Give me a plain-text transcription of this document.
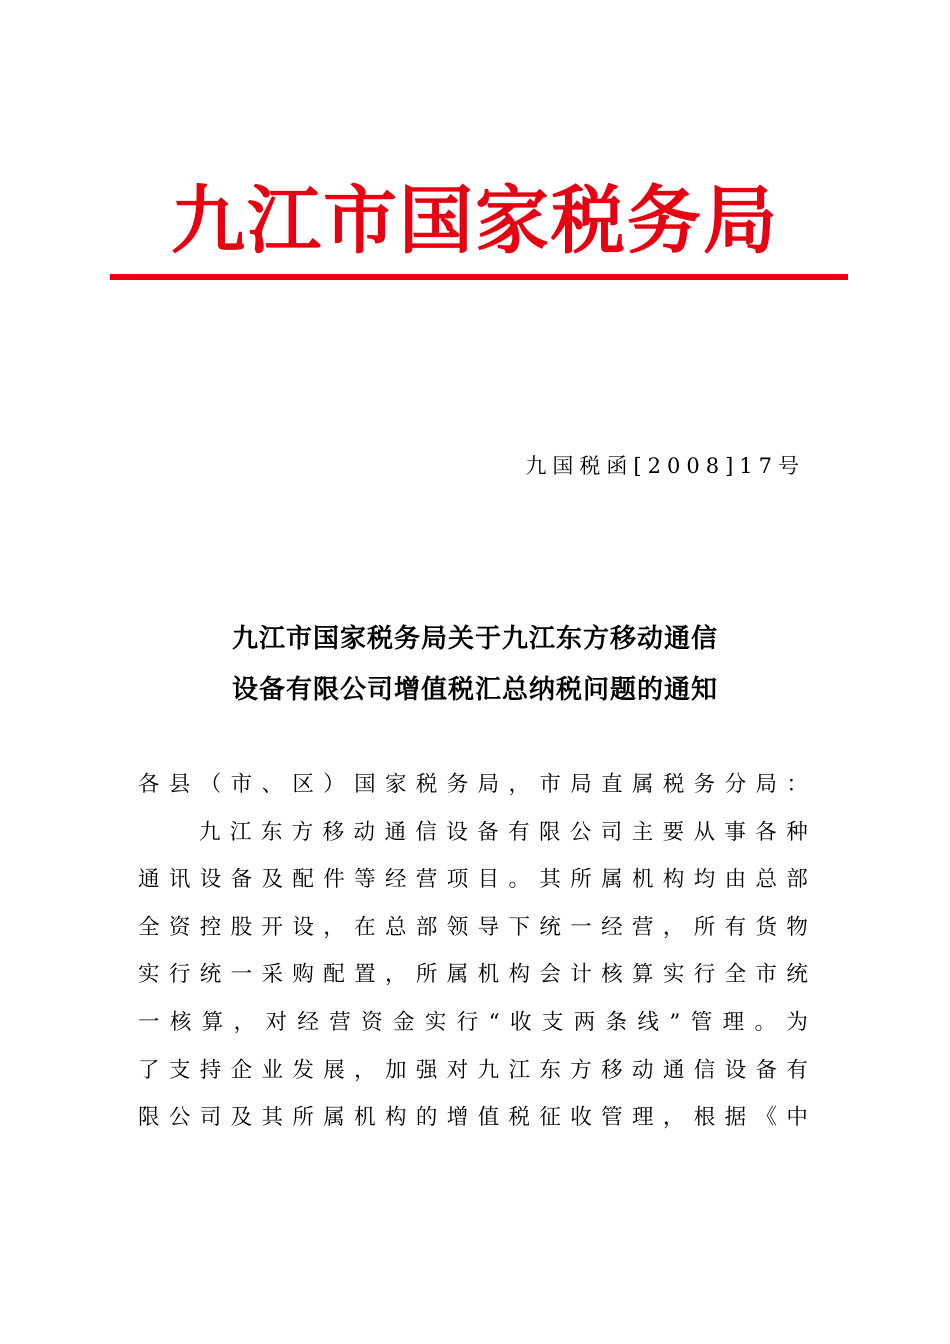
九江市国家税务局
九国税函[2008]17号
九江市国家税务局关于九江东方移动通信
设备有限公司增值税汇总纳税问题的通知
各 县 （ 市 、 区 ） 国 家 税 务 局 ， 市 局 直 属 税 务 分 局 ：
九 江 东 方 移 动 通 信 设 备 有 限 公 司 主 要 从 事 各 种
通 讯 设 备 及 配 件 等 经 营 项 目 。 其 所 属 机 构 均 由 总 部
全 资 控 股 开 设 ， 在 总 部 领 导 下 统 一 经 营 ， 所 有 货 物
实 行 统 一 采 购 配 置 ， 所 属 机 构 会 计 核 算 实 行 全 市 统
一 核 算 ， 对 经 营 资 金 实 行 “ 收 支 两 条 线 ” 管 理 。 为
了 支 持 企 业 发 展 ， 加 强 对 九 江 东 方 移 动 通 信 设 备 有
限 公 司 及 其 所 属 机 构 的 增 值 税 征 收 管 理 ， 根 据 《 中
